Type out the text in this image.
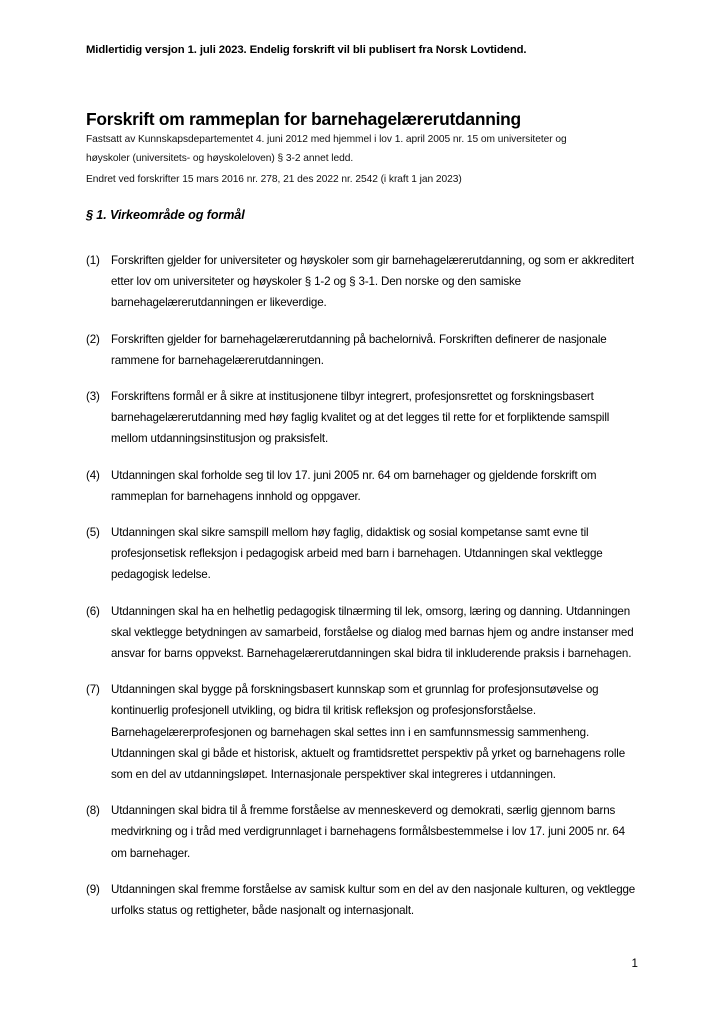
Midlertidig versjon 1. juli 2023. Endelig forskrift vil bli publisert fra Norsk Lovtidend.
Forskrift om rammeplan for barnehagelærerutdanning
Fastsatt av Kunnskapsdepartementet 4. juni 2012 med hjemmel i lov 1. april 2005 nr. 15 om universiteter og
høyskoler (universitets- og høyskoleloven) § 3-2 annet ledd.
Endret ved forskrifter 15 mars 2016 nr. 278, 21 des 2022 nr. 2542 (i kraft 1 jan 2023)
§ 1. Virkeområde og formål
(1) Forskriften gjelder for universiteter og høyskoler som gir barnehagelærerutdanning, og som er akkreditert etter lov om universiteter og høyskoler § 1-2 og § 3-1. Den norske og den samiske barnehagelærerutdanningen er likeverdige.
(2) Forskriften gjelder for barnehagelærerutdanning på bachelornivå. Forskriften definerer de nasjonale rammene for barnehagelærerutdanningen.
(3) Forskriftens formål er å sikre at institusjonene tilbyr integrert, profesjonsrettet og forskningsbasert barnehagelærerutdanning med høy faglig kvalitet og at det legges til rette for et forpliktende samspill mellom utdanningsinstitusjon og praksisfelt.
(4) Utdanningen skal forholde seg til lov 17. juni 2005 nr. 64 om barnehager og gjeldende forskrift om rammeplan for barnehagens innhold og oppgaver.
(5) Utdanningen skal sikre samspill mellom høy faglig, didaktisk og sosial kompetanse samt evne til profesjonsetisk refleksjon i pedagogisk arbeid med barn i barnehagen. Utdanningen skal vektlegge pedagogisk ledelse.
(6) Utdanningen skal ha en helhetlig pedagogisk tilnærming til lek, omsorg, læring og danning. Utdanningen skal vektlegge betydningen av samarbeid, forståelse og dialog med barnas hjem og andre instanser med ansvar for barns oppvekst. Barnehagelærerutdanningen skal bidra til inkluderende praksis i barnehagen.
(7) Utdanningen skal bygge på forskningsbasert kunnskap som et grunnlag for profesjonsutøvelse og kontinuerlig profesjonell utvikling, og bidra til kritisk refleksjon og profesjonsforståelse. Barnehagelærerprofesjonen og barnehagen skal settes inn i en samfunnsmessig sammenheng. Utdanningen skal gi både et historisk, aktuelt og framtidsrettet perspektiv på yrket og barnehagens rolle som en del av utdanningsløpet. Internasjonale perspektiver skal integreres i utdanningen.
(8) Utdanningen skal bidra til å fremme forståelse av menneskeverd og demokrati, særlig gjennom barns medvirkning og i tråd med verdigrunnlaget i barnehagens formålsbestemmelse i lov 17. juni 2005 nr. 64 om barnehager.
(9) Utdanningen skal fremme forståelse av samisk kultur som en del av den nasjonale kulturen, og vektlegge urfolks status og rettigheter, både nasjonalt og internasjonalt.
1
